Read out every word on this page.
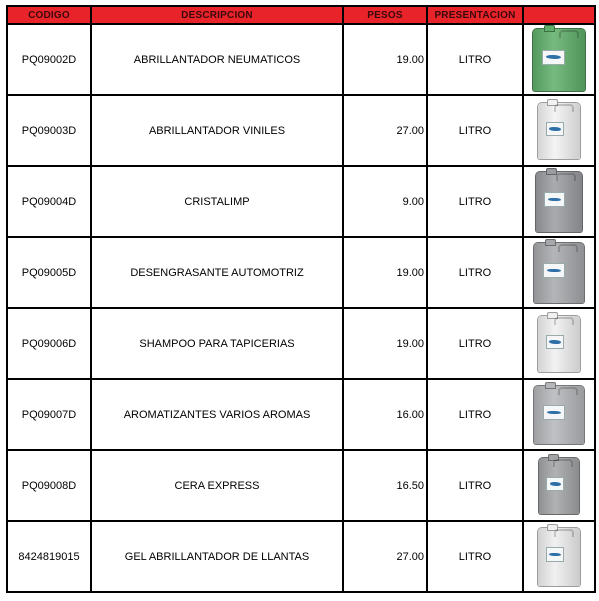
CODIGO	DESCRIPCION	PESOS	PRESENTACION	
PQ09002D	ABRILLANTADOR NEUMATICOS	19.00	LITRO	

PQ09003D	ABRILLANTADOR VINILES	27.00	LITRO	

PQ09004D	CRISTALIMP	9.00	LITRO	

PQ09005D	DESENGRASANTE AUTOMOTRIZ	19.00	LITRO	

PQ09006D	SHAMPOO PARA TAPICERIAS	19.00	LITRO	

PQ09007D	AROMATIZANTES VARIOS AROMAS	16.00	LITRO	

PQ09008D	CERA EXPRESS	16.50	LITRO	

8424819015	GEL ABRILLANTADOR DE LLANTAS	27.00	LITRO	
